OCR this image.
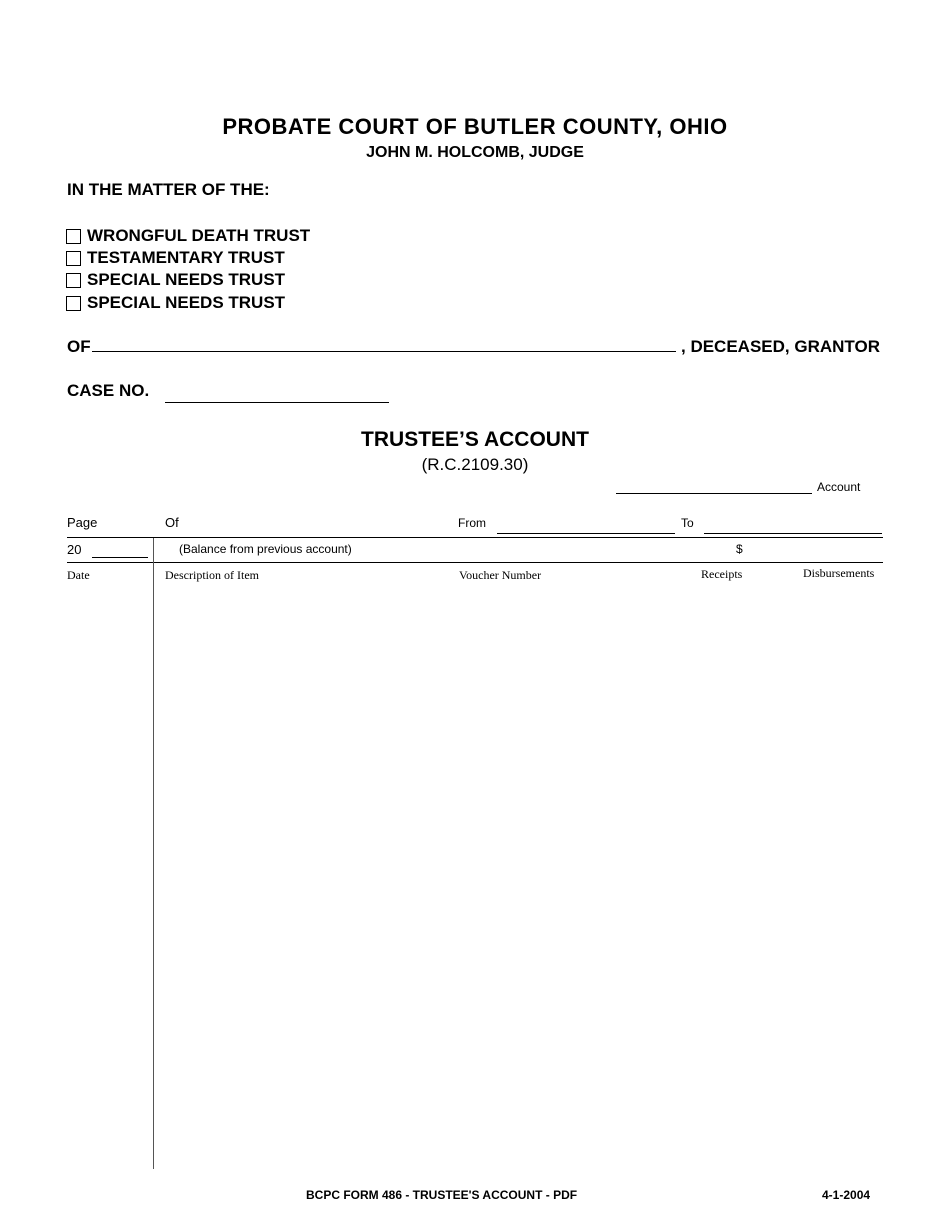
PROBATE COURT OF BUTLER COUNTY, OHIO
JOHN M. HOLCOMB, JUDGE
IN THE MATTER OF THE:
WRONGFUL DEATH TRUST
TESTAMENTARY TRUST
SPECIAL NEEDS TRUST
SPECIAL NEEDS TRUST
OF	, DECEASED, GRANTOR
CASE NO.
TRUSTEE’S ACCOUNT
(R.C.2109.30)
Account
Page	Of	From	To
20	(Balance from previous account)	$
Date	Description of Item	Voucher Number	Receipts	Disbursements
BCPC FORM 486 - TRUSTEE'S ACCOUNT - PDF	4-1-2004
